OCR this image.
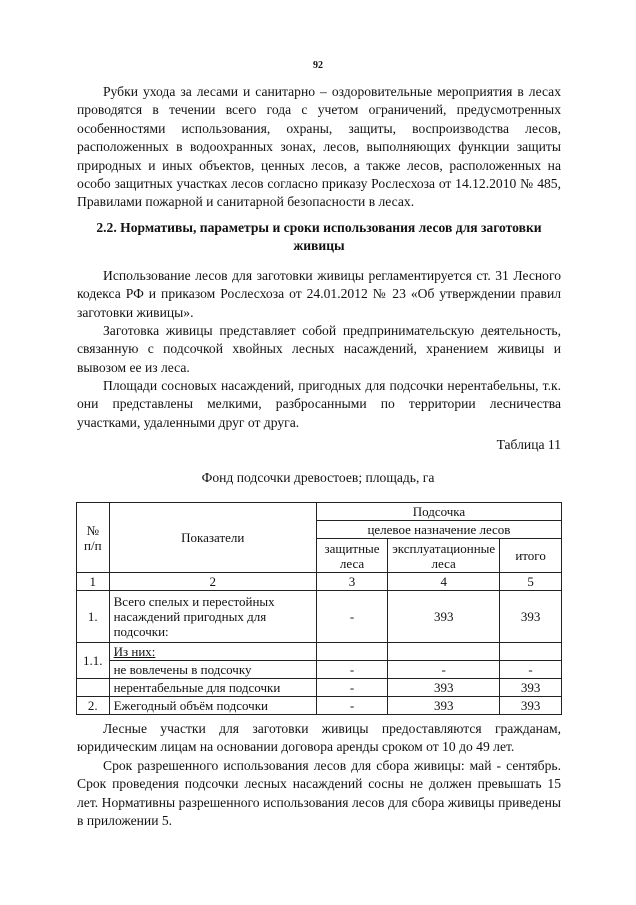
92

Рубки ухода за лесами и санитарно – оздоровительные мероприятия в лесах проводятся в течении всего года с учетом ограничений, предусмотренных особенностями использования, охраны, защиты, воспроизводства лесов, расположенных в водоохранных зонах, лесов, выполняющих функции защиты природных и иных объектов, ценных лесов, а также лесов, расположенных на особо защитных участках лесов согласно приказу Рослесхоза от 14.12.2010 № 485, Правилами пожарной и санитарной безопасности в лесах.

2.2. Нормативы, параметры и сроки использования лесов для заготовки живицы

Использование лесов для заготовки живицы регламентируется ст. 31 Лесного кодекса РФ и приказом Рослесхоза от 24.01.2012 № 23 «Об утверждении правил заготовки живицы».

Заготовка живицы представляет собой предпринимательскую деятельность, связанную с подсочкой хвойных лесных насаждений, хранением живицы и вывозом ее из леса.

Площади сосновых насаждений, пригодных для подсочки нерентабельны, т.к. они представлены мелкими, разбросанными по территории лесничества участками, удаленными друг от друга.

Таблица 11
Фонд подсочки древостоев; площадь, га
№ п/п	Показатели	Подсочка		
		целевое назначение лесов		
		защитные леса	эксплуатационные леса	итого
1	2	3	4	5
1.	Всего спелых и перестойных насаждений пригодных для подсочки:	-	393	393
1.1.	Из них:			
	не вовлечены в подсочку	-	-	-
	нерентабельные для подсочки	-	393	393
2.	Ежегодный объём подсочки	-	393	393

Лесные участки для заготовки живицы предоставляются гражданам, юридическим лицам на основании договора аренды сроком от 10 до 49 лет.

Срок разрешенного использования лесов для сбора живицы: май - сентябрь. Срок проведения подсочки лесных насаждений сосны не должен превышать 15 лет. Нормативны разрешенного использования лесов для сбора живицы приведены в приложении 5.
